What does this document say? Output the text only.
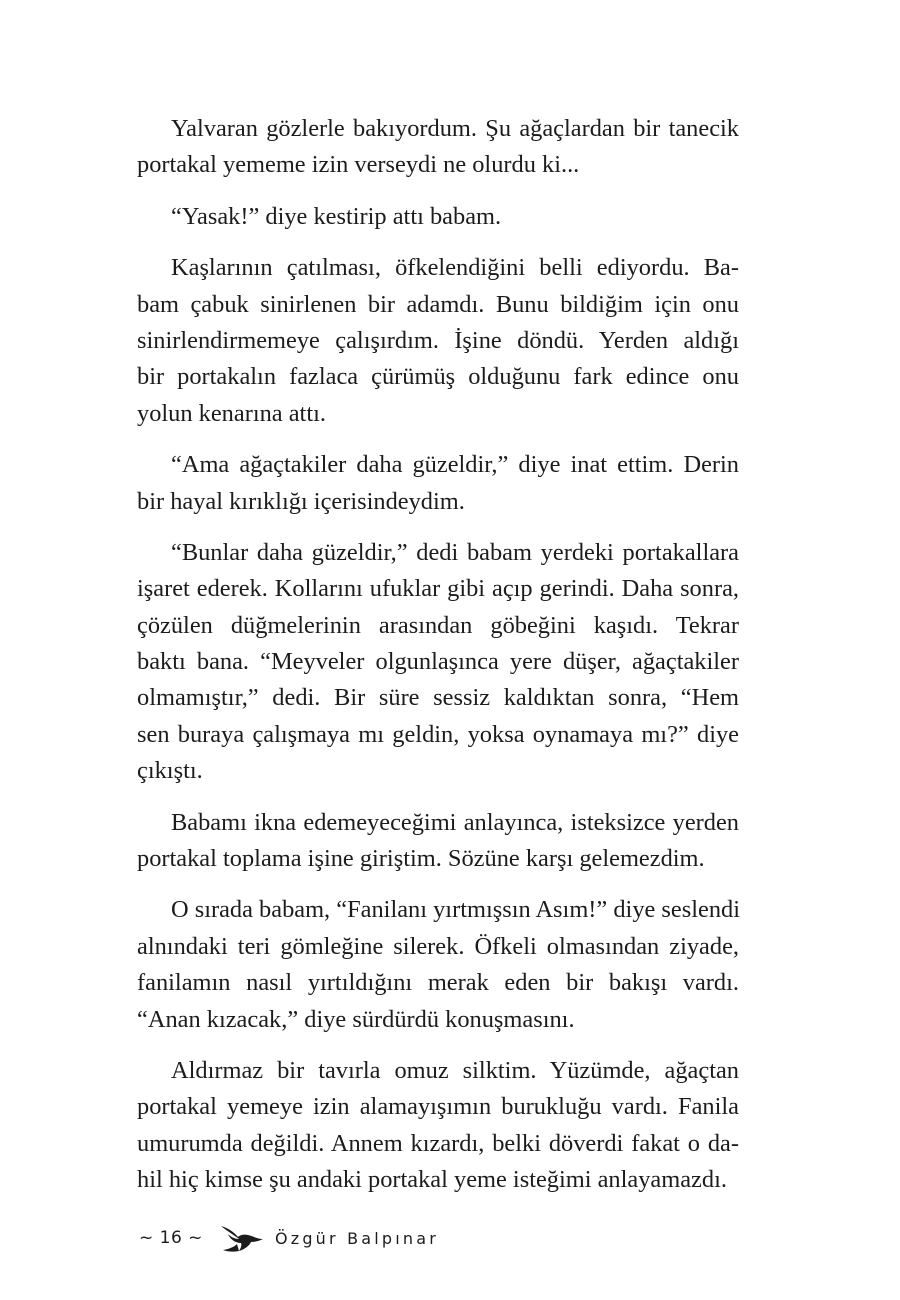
Yalvaran gözlerle bakıyordum. Şu ağaçlardan bir tanecik
portakal yememe izin verseydi ne olurdu ki...
“Yasak!” diye kestirip attı babam.
Kaşlarının çatılması, öfkelendiğini belli ediyordu. Ba-
bam çabuk sinirlenen bir adamdı. Bunu bildiğim için onu
sinirlendirmemeye çalışırdım. İşine döndü. Yerden aldığı
bir portakalın fazlaca çürümüş olduğunu fark edince onu
yolun kenarına attı.
“Ama ağaçtakiler daha güzeldir,” diye inat ettim. Derin
bir hayal kırıklığı içerisindeydim.
“Bunlar daha güzeldir,” dedi babam yerdeki portakallara
işaret ederek. Kollarını ufuklar gibi açıp gerindi. Daha sonra,
çözülen düğmelerinin arasından göbeğini kaşıdı. Tekrar
baktı bana. “Meyveler olgunlaşınca yere düşer, ağaçtakiler
olmamıştır,” dedi. Bir süre sessiz kaldıktan sonra, “Hem
sen buraya çalışmaya mı geldin, yoksa oynamaya mı?” diye
çıkıştı.
Babamı ikna edemeyeceğimi anlayınca, isteksizce yerden
portakal toplama işine giriştim. Sözüne karşı gelemezdim.
O sırada babam, “Fanilanı yırtmışsın Asım!” diye seslendi
alnındaki teri gömleğine silerek. Öfkeli olmasından ziyade,
fanilamın nasıl yırtıldığını merak eden bir bakışı vardı.
“Anan kızacak,” diye sürdürdü konuşmasını.
Aldırmaz bir tavırla omuz silktim. Yüzümde, ağaçtan
portakal yemeye izin alamayışımın burukluğu vardı. Fanila
umurumda değildi. Annem kızardı, belki döverdi fakat o da-
hil hiç kimse şu andaki portakal yeme isteğimi anlayamazdı.
~ 16 ~	Özgür Balpınar
